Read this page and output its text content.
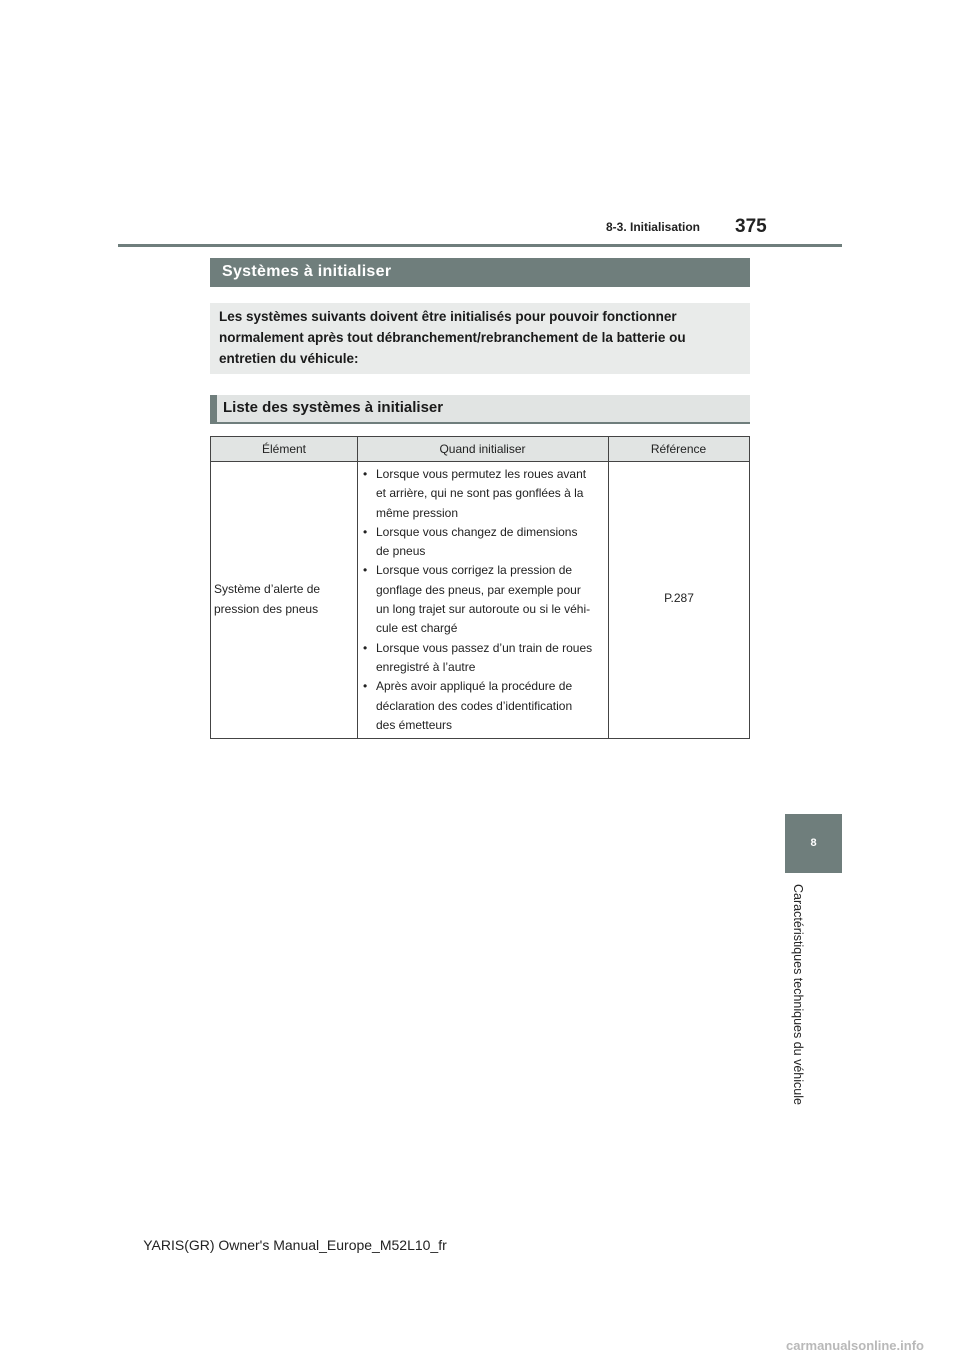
375
8-3. Initialisation
Systèmes à initialiser
Les systèmes suivants doivent être initialisés pour pouvoir fonctionner
normalement après tout débranchement/rebranchement de la batterie ou
entretien du véhicule:
Liste des systèmes à initialiser
Élément	Quand initialiser	Référence
Système d’alerte de
pression des pneus
• Lorsque vous permutez les roues avant
et arrière, qui ne sont pas gonflées à la
même pression
• Lorsque vous changez de dimensions
de pneus
• Lorsque vous corrigez la pression de
gonflage des pneus, par exemple pour
un long trajet sur autoroute ou si le véhi-
cule est chargé
• Lorsque vous passez d’un train de roues
enregistré à l’autre
• Après avoir appliqué la procédure de
déclaration des codes d’identification
des émetteurs
P.287
8
Caractéristiques techniques du véhicule
YARIS(GR) Owner's Manual_Europe_M52L10_fr
carmanualsonline.info
